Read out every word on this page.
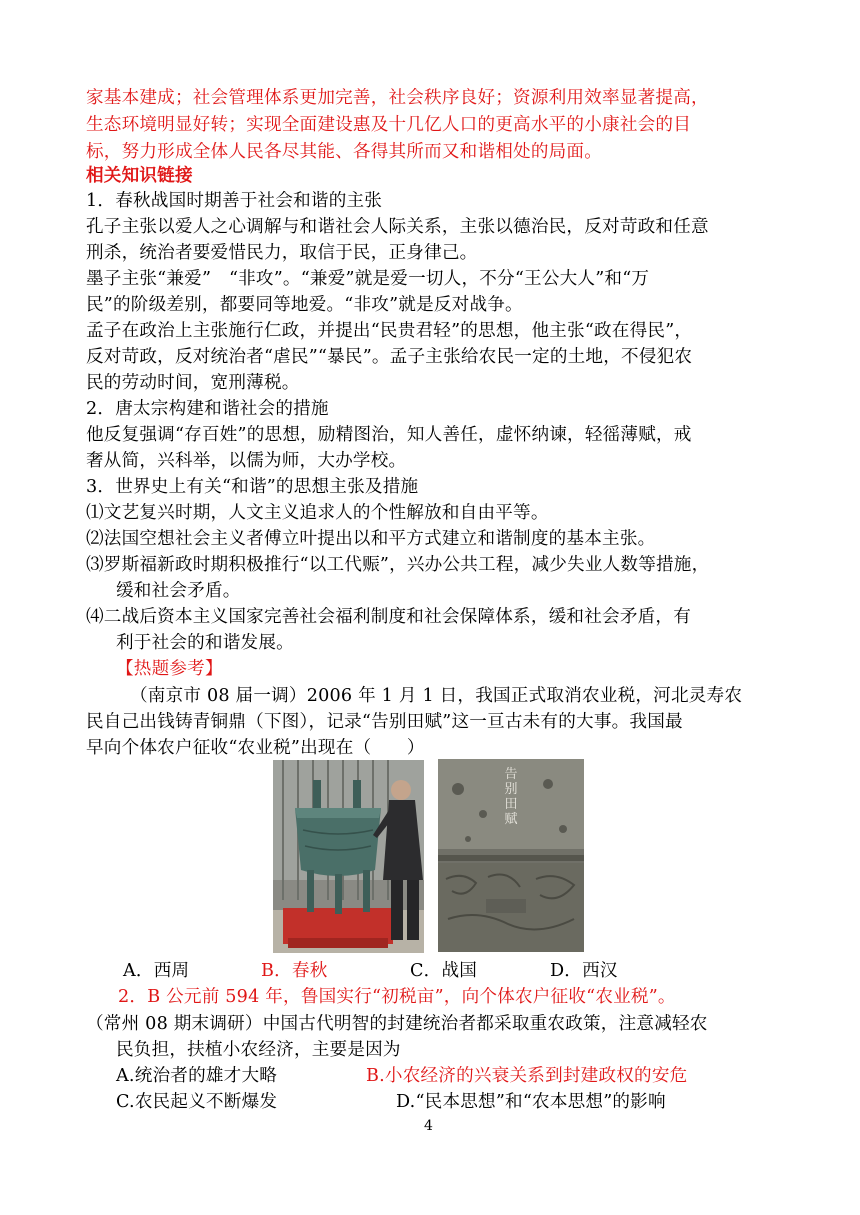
家基本建成；社会管理体系更加完善，社会秩序良好；资源利用效率显著提高，
生态环境明显好转；实现全面建设惠及十几亿人口的更高水平的小康社会的目
标，努力形成全体人民各尽其能、各得其所而又和谐相处的局面。
相关知识链接
1．春秋战国时期善于社会和谐的主张
孔子主张以爱人之心调解与和谐社会人际关系，主张以德治民，反对苛政和任意
刑杀，统治者要爱惜民力，取信于民，正身律己。
墨子主张“兼爱”　“非攻”。“兼爱”就是爱一切人，不分“王公大人”和“万
民”的阶级差别，都要同等地爱。“非攻”就是反对战争。
孟子在政治上主张施行仁政，并提出“民贵君轻”的思想，他主张“政在得民”，
反对苛政，反对统治者“虐民”“暴民”。孟子主张给农民一定的土地，不侵犯农
民的劳动时间，宽刑薄税。
2．唐太宗构建和谐社会的措施
他反复强调“存百姓”的思想，励精图治，知人善任，虚怀纳谏，轻徭薄赋，戒
奢从简，兴科举，以儒为师，大办学校。
3．世界史上有关“和谐”的思想主张及措施
⑴文艺复兴时期，人文主义追求人的个性解放和自由平等。
⑵法国空想社会主义者傅立叶提出以和平方式建立和谐制度的基本主张。
⑶罗斯福新政时期积极推行“以工代赈”，兴办公共工程，减少失业人数等措施，
缓和社会矛盾。
⑷二战后资本主义国家完善社会福利制度和社会保障体系，缓和社会矛盾，有
利于社会的和谐发展。
【热题参考】
（南京市 08 届一调）2006 年 1 月 1 日，我国正式取消农业税，河北灵寿农
民自己出钱铸青铜鼎（下图），记录“告别田赋”这一亘古未有的大事。我国最
早向个体农户征收“农业税”出现在（　　）
告别田赋
A．西周	B．春秋	C．战国	D．西汉
2．B 公元前 594 年，鲁国实行“初税亩”，向个体农户征收“农业税”。
（常州 08 期末调研）中国古代明智的封建统治者都采取重农政策，注意减轻农
民负担，扶植小农经济，主要是因为
A.统治者的雄才大略	B.小农经济的兴衰关系到封建政权的安危
C.农民起义不断爆发	D.“民本思想”和“农本思想”的影响
4
